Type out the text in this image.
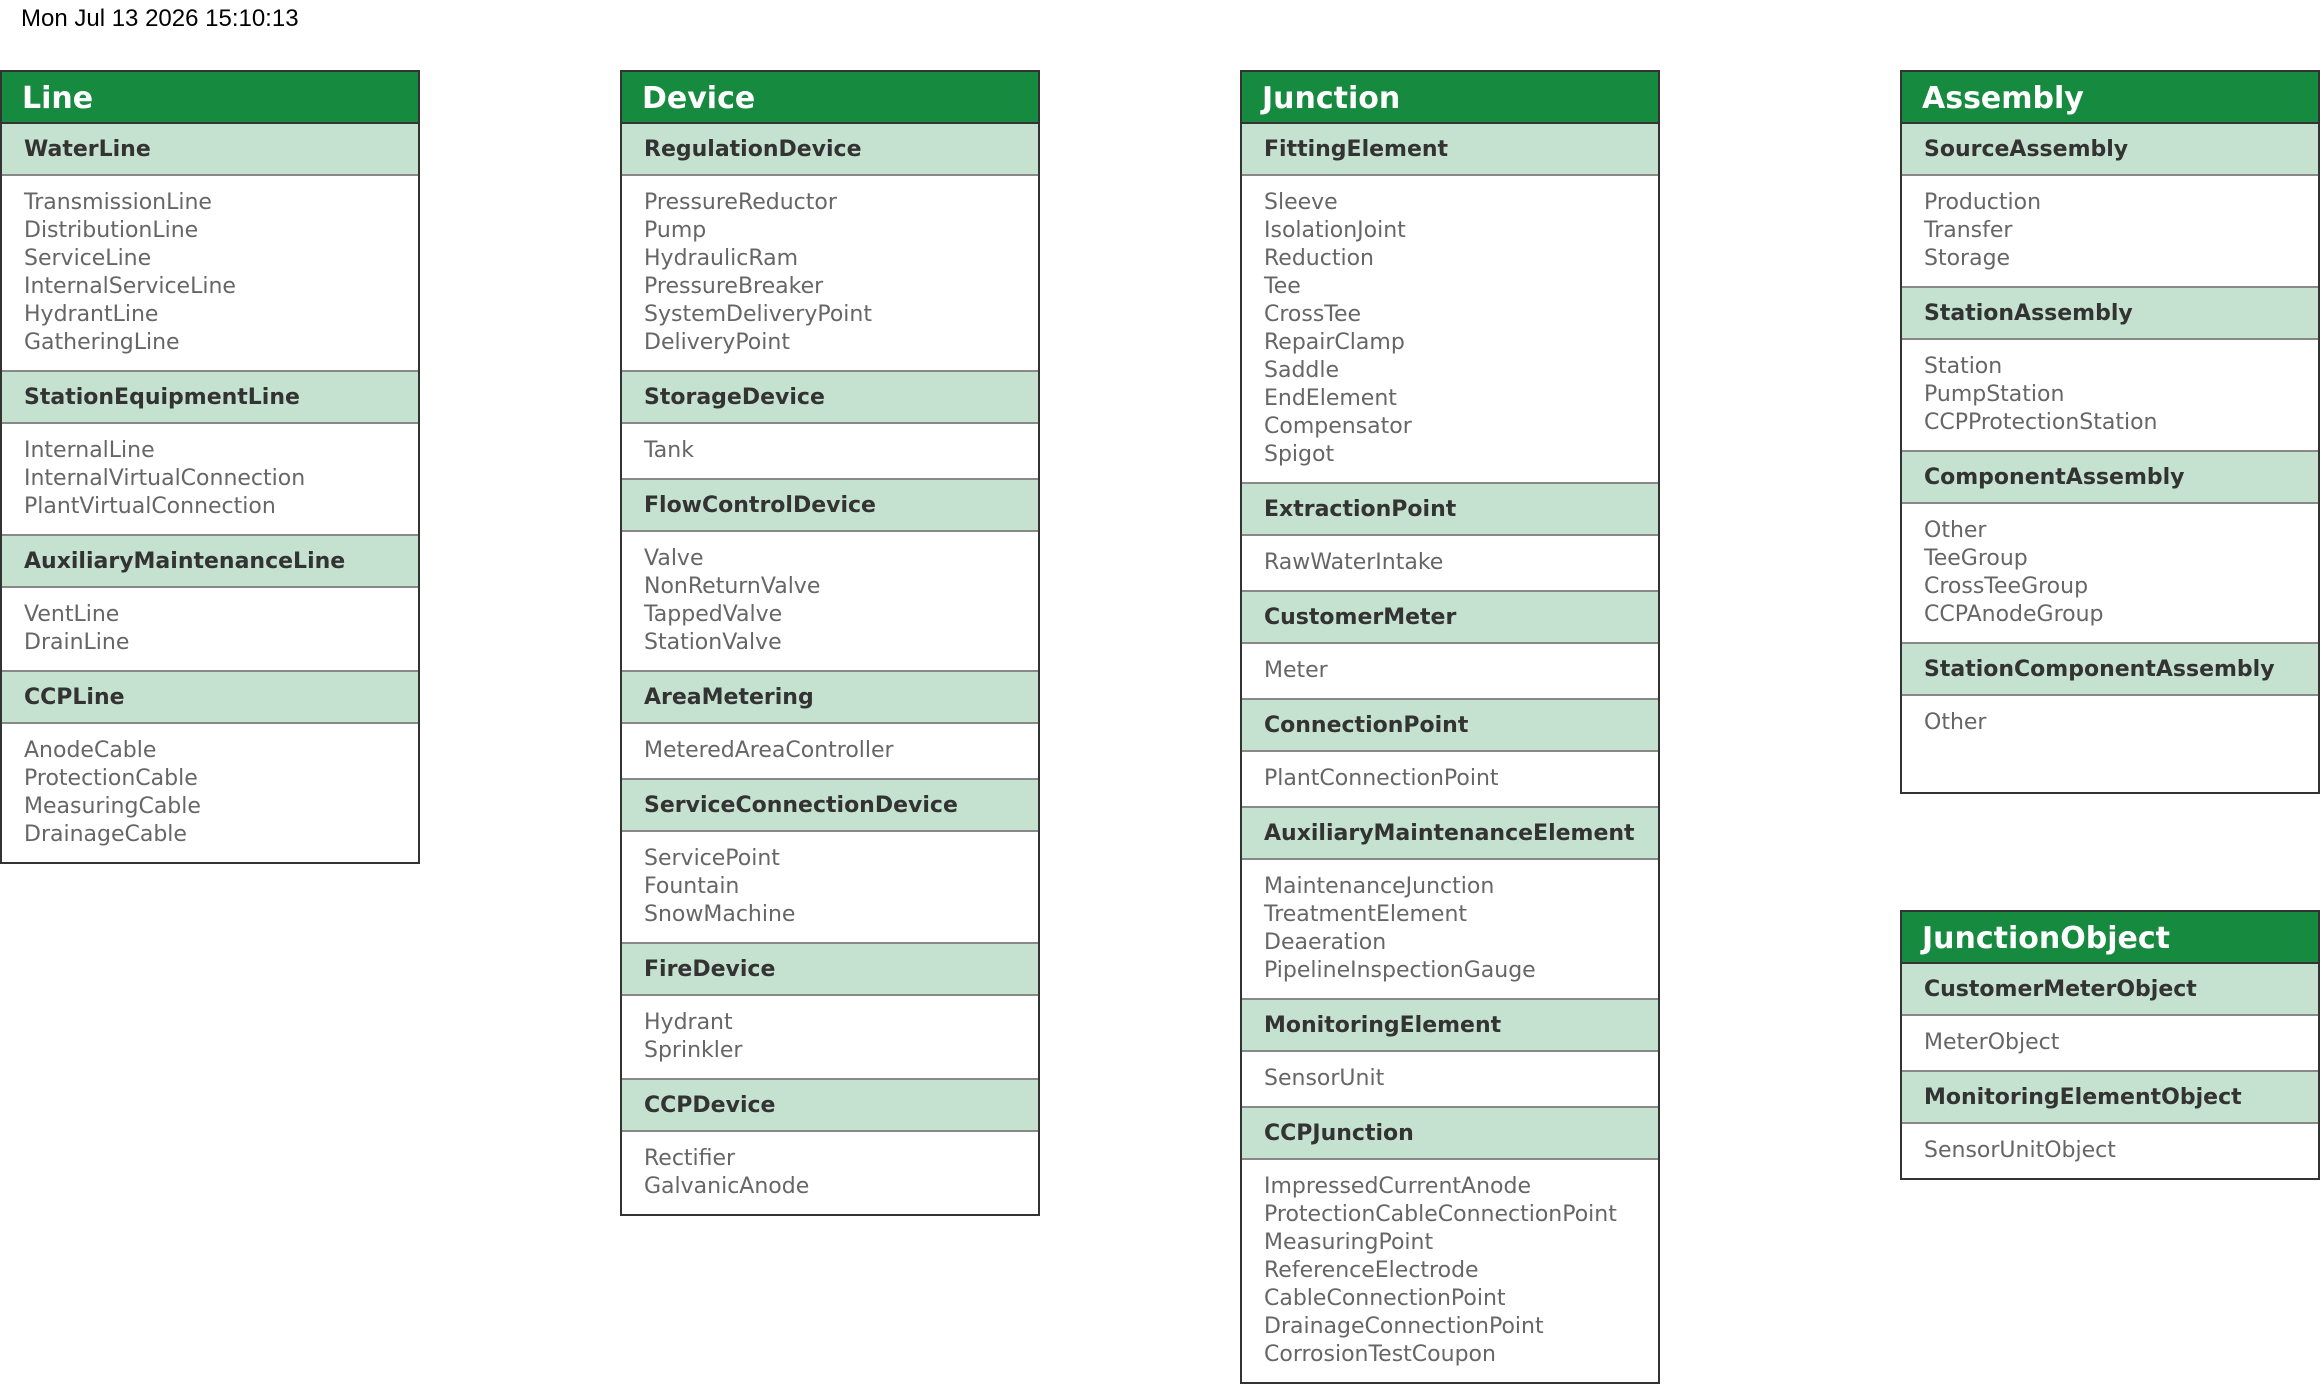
Mon Jul 13 2026 15:10:13
Line
WaterLine
TransmissionLine
DistributionLine
ServiceLine
InternalServiceLine
HydrantLine
GatheringLine
StationEquipmentLine
InternalLine
InternalVirtualConnection
PlantVirtualConnection
AuxiliaryMaintenanceLine
VentLine
DrainLine
CCPLine
AnodeCable
ProtectionCable
MeasuringCable
DrainageCable
Device
RegulationDevice
PressureReductor
Pump
HydraulicRam
PressureBreaker
SystemDeliveryPoint
DeliveryPoint
StorageDevice
Tank
FlowControlDevice
Valve
NonReturnValve
TappedValve
StationValve
AreaMetering
MeteredAreaController
ServiceConnectionDevice
ServicePoint
Fountain
SnowMachine
FireDevice
Hydrant
Sprinkler
CCPDevice
Rectifier
GalvanicAnode
Junction
FittingElement
Sleeve
IsolationJoint
Reduction
Tee
CrossTee
RepairClamp
Saddle
EndElement
Compensator
Spigot
ExtractionPoint
RawWaterIntake
CustomerMeter
Meter
ConnectionPoint
PlantConnectionPoint
AuxiliaryMaintenanceElement
MaintenanceJunction
TreatmentElement
Deaeration
PipelineInspectionGauge
MonitoringElement
SensorUnit
CCPJunction
ImpressedCurrentAnode
ProtectionCableConnectionPoint
MeasuringPoint
ReferenceElectrode
CableConnectionPoint
DrainageConnectionPoint
CorrosionTestCoupon
Assembly
SourceAssembly
Production
Transfer
Storage
StationAssembly
Station
PumpStation
CCPProtectionStation
ComponentAssembly
Other
TeeGroup
CrossTeeGroup
CCPAnodeGroup
StationComponentAssembly
Other
JunctionObject
CustomerMeterObject
MeterObject
MonitoringElementObject
SensorUnitObject
